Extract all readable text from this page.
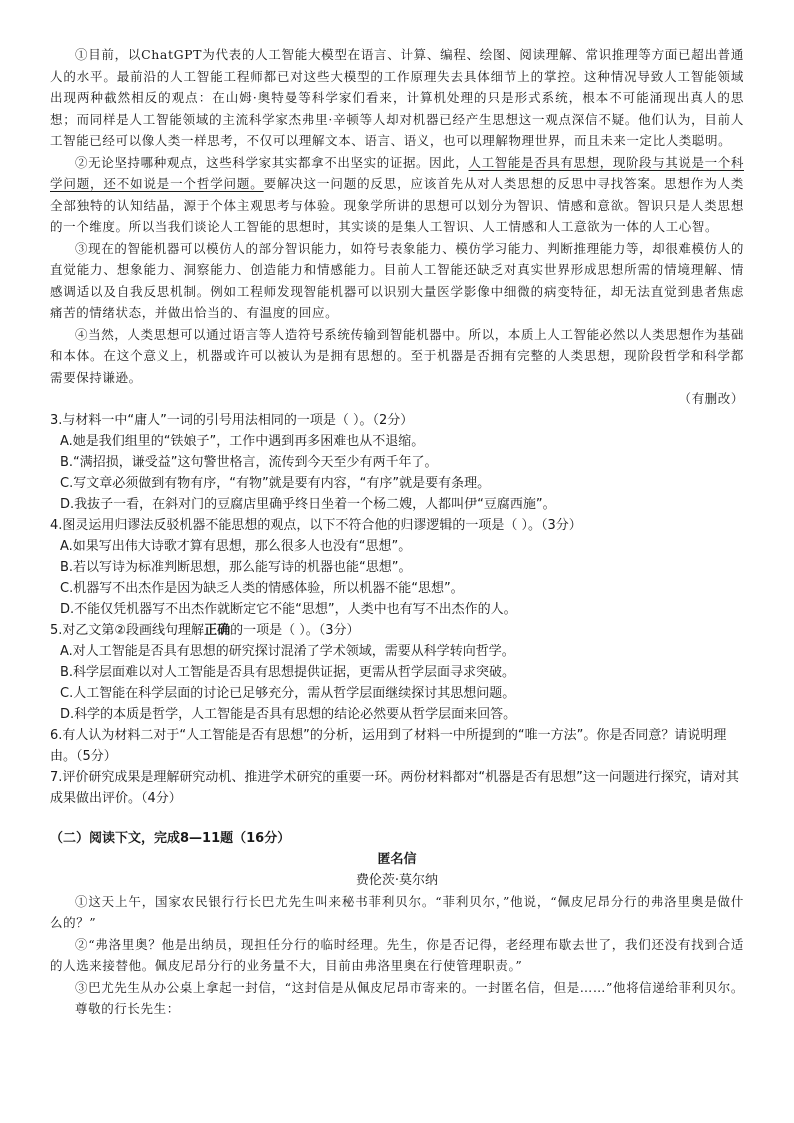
①目前，以ChatGPT为代表的人工智能大模型在语言、计算、编程、绘图、阅读理解、常识推理等方面已超出普通人的水平。最前沿的人工智能工程师都已对这些大模型的工作原理失去具体细节上的掌控。这种情况导致人工智能领域出现两种截然相反的观点：在山姆·奥特曼等科学家们看来，计算机处理的只是形式系统，根本不可能涌现出真人的思想；而同样是人工智能领域的主流科学家杰弗里·辛顿等人却对机器已经产生思想这一观点深信不疑。他们认为，目前人工智能已经可以像人类一样思考，不仅可以理解文本、语言、语义，也可以理解物理世界，而且未来一定比人类聪明。

②无论坚持哪种观点，这些科学家其实都拿不出坚实的证据。因此，人工智能是否具有思想，现阶段与其说是一个科学问题，还不如说是一个哲学问题。要解决这一问题的反思，应该首先从对人类思想的反思中寻找答案。思想作为人类全部独特的认知结晶，源于个体主观思考与体验。现象学所讲的思想可以划分为智识、情感和意欲。智识只是人类思想的一个维度。所以当我们谈论人工智能的思想时，其实谈的是集人工智识、人工情感和人工意欲为一体的人工心智。

③现在的智能机器可以模仿人的部分智识能力，如符号表象能力、模仿学习能力、判断推理能力等，却很难模仿人的直觉能力、想象能力、洞察能力、创造能力和情感能力。目前人工智能还缺乏对真实世界形成思想所需的情境理解、情感调适以及自我反思机制。例如工程师发现智能机器可以识别大量医学影像中细微的病变特征，却无法直觉到患者焦虑痛苦的情绪状态，并做出恰当的、有温度的回应。

④当然，人类思想可以通过语言等人造符号系统传输到智能机器中。所以，本质上人工智能必然以人类思想作为基础和本体。在这个意义上，机器或许可以被认为是拥有思想的。至于机器是否拥有完整的人类思想，现阶段哲学和科学都需要保持谦逊。

（有删改）

3.与材料一中“庸人”一词的引号用法相同的一项是（ ）。（2分）

A.她是我们组里的“铁娘子”，工作中遇到再多困难也从不退缩。

B.“满招损，谦受益”这句警世格言，流传到今天至少有两千年了。

C.写文章必须做到有物有序，“有物”就是要有内容，“有序”就是要有条理。

D.我抜子一看，在斜对门的豆腐店里确乎终日坐着一个杨二嫂，人都叫伊“豆腐西施”。

4.图灵运用归谬法反驳机器不能思想的观点，以下不符合他的归谬逻辑的一项是（ ）。（3分）

A.如果写出伟大诗歌才算有思想，那么很多人也没有“思想”。

B.若以写诗为标准判断思想，那么能写诗的机器也能“思想”。

C.机器写不出杰作是因为缺乏人类的情感体验，所以机器不能“思想”。

D.不能仅凭机器写不出杰作就断定它不能“思想”，人类中也有写不出杰作的人。

5.对乙文第②段画线句理解正确的一项是（ ）。（3分）

A.对人工智能是否具有思想的研究探讨混淆了学术领域，需要从科学转向哲学。

B.科学层面难以对人工智能是否具有思想提供证据，更需从哲学层面寻求突破。

C.人工智能在科学层面的讨论已足够充分，需从哲学层面继续探讨其思想问题。

D.科学的本质是哲学，人工智能是否具有思想的结论必然要从哲学层面来回答。

6.有人认为材料二对于“人工智能是否有思想”的分析，运用到了材料一中所提到的“唯一方法”。你是否同意？请说明理由。（5分）

7.评价研究成果是理解研究动机、推进学术研究的重要一环。两份材料都对“机器是否有思想”这一问题进行探究，请对其成果做出评价。（4分）

（二）阅读下文，完成8—11题（16分）

匿名信

费伦茨·莫尔纳

①这天上午，国家农民银行行长巴尤先生叫来秘书菲利贝尔。“菲利贝尔，”他说，“佩皮尼昂分行的弗洛里奥是做什么的？”

②“弗洛里奥？他是出纳员，现担任分行的临时经理。先生，你是否记得，老经理布歇去世了，我们还没有找到合适的人选来接替他。佩皮尼昂分行的业务量不大，目前由弗洛里奥在行使管理职责。”

③巴尤先生从办公桌上拿起一封信，“这封信是从佩皮尼昂市寄来的。一封匿名信，但是……”他将信递给菲利贝尔。

尊敬的行长先生：
